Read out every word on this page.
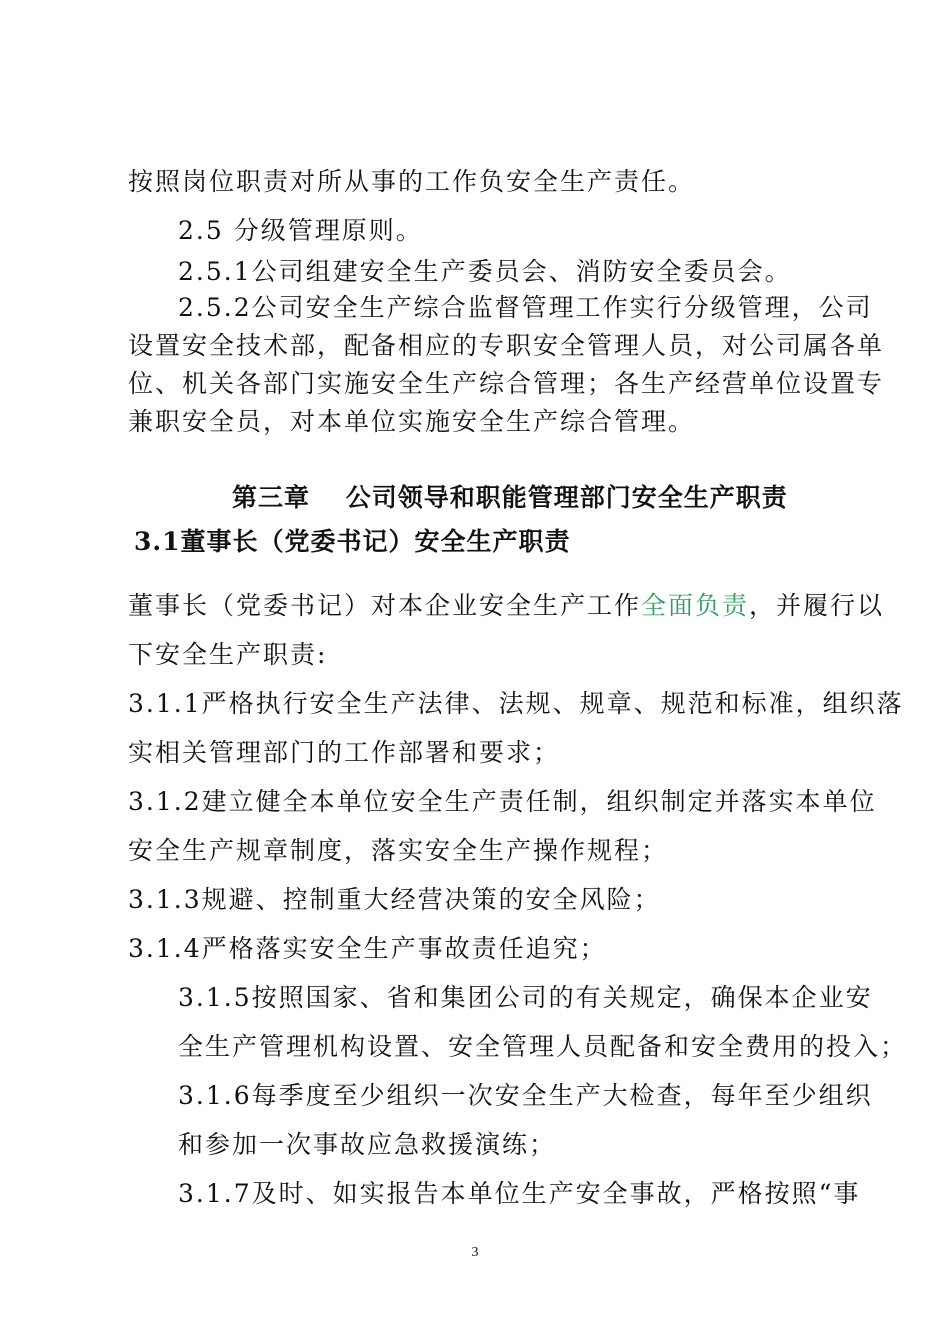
按照岗位职责对所从事的工作负安全生产责任。
2.5 分级管理原则。
2.5.1公司组建安全生产委员会、消防安全委员会。
2.5.2公司安全生产综合监督管理工作实行分级管理，公司
设置安全技术部，配备相应的专职安全管理人员，对公司属各单
位、机关各部门实施安全生产综合管理；各生产经营单位设置专
兼职安全员，对本单位实施安全生产综合管理。
第三章　 公司领导和职能管理部门安全生产职责
3.1董事长（党委书记）安全生产职责
董事长（党委书记）对本企业安全生产工作全面负责，并履行以
下安全生产职责:
3.1.1严格执行安全生产法律、法规、规章、规范和标准，组织落
实相关管理部门的工作部署和要求；
3.1.2建立健全本单位安全生产责任制，组织制定并落实本单位
安全生产规章制度，落实安全生产操作规程；
3.1.3规避、控制重大经营决策的安全风险；
3.1.4严格落实安全生产事故责任追究；
3.1.5按照国家、省和集团公司的有关规定，确保本企业安
全生产管理机构设置、安全管理人员配备和安全费用的投入；
3.1.6每季度至少组织一次安全生产大检查，每年至少组织
和参加一次事故应急救援演练；
3.1.7及时、如实报告本单位生产安全事故，严格按照“事
3
